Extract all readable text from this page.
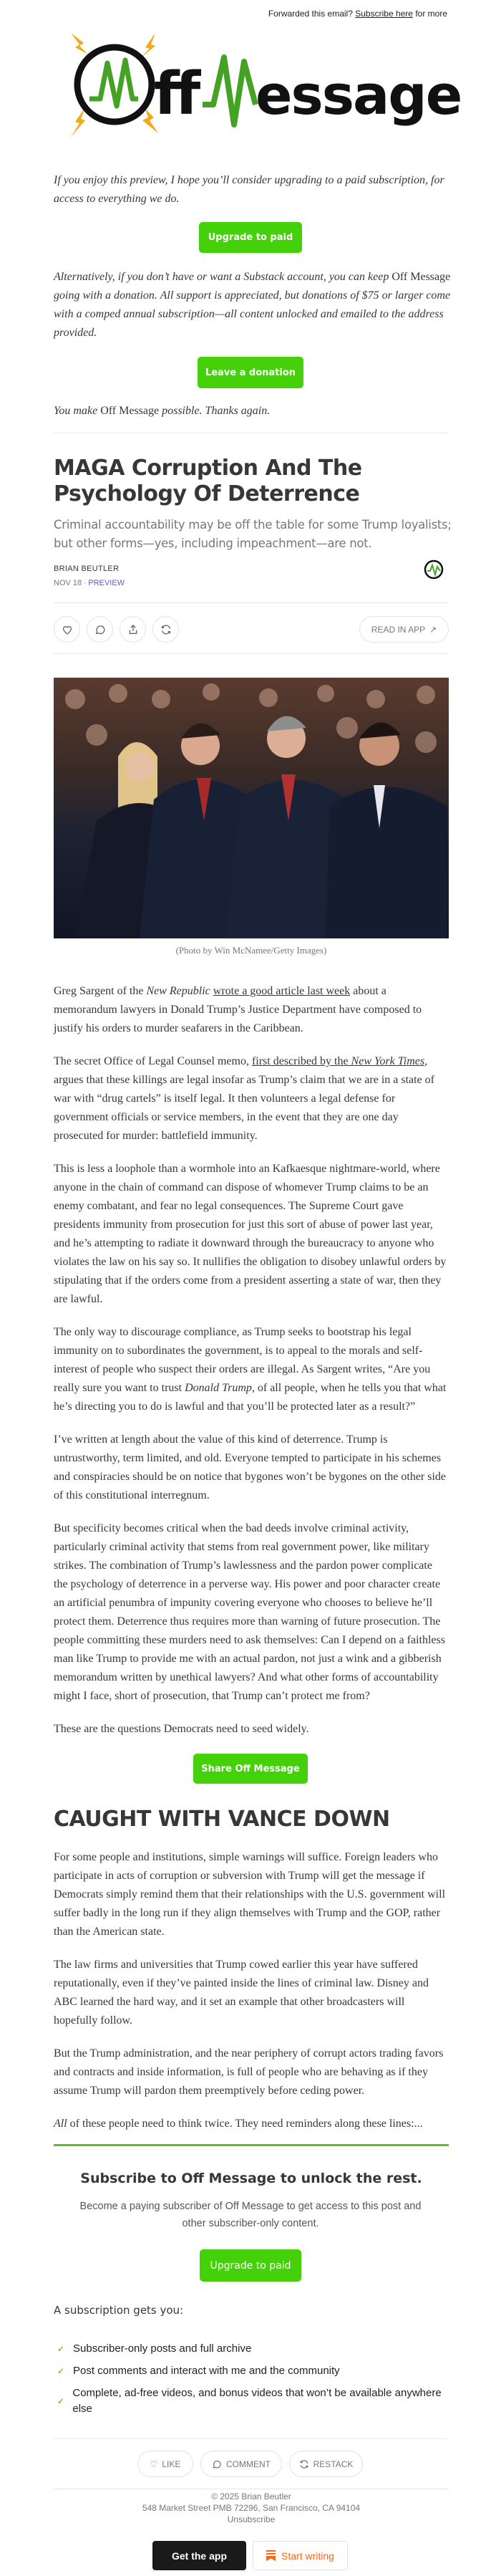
Forwarded this email? Subscribe here for more
ff essage
If you enjoy this preview, I hope you’ll consider upgrading to a paid subscription, for access to everything we do.
Upgrade to paid
Alternatively, if you don’t have or want a Substack account, you can keep Off Message going with a donation. All support is appreciated, but donations of $75 or larger come with a comped annual subscription—all content unlocked and emailed to the address provided.
Leave a donation
You make Off Message possible. Thanks again.
MAGA Corruption And The Psychology Of Deterrence
Criminal accountability may be off the table for some Trump loyalists; but other forms—yes, including impeachment—are not.
BRIAN BEUTLER
NOV 18 ∙ PREVIEW
READ IN APP ↗
(Photo by Win McNamee/Getty Images)

Greg Sargent of the New Republic wrote a good article last week about a memorandum lawyers in Donald Trump’s Justice Department have composed to justify his orders to murder seafarers in the Caribbean.

The secret Office of Legal Counsel memo, first described by the New York Times, argues that these killings are legal insofar as Trump’s claim that we are in a state of war with “drug cartels” is itself legal. It then volunteers a legal defense for government officials or service members, in the event that they are one day prosecuted for murder: battlefield immunity.

This is less a loophole than a wormhole into an Kafkaesque nightmare-world, where anyone in the chain of command can dispose of whomever Trump claims to be an enemy combatant, and fear no legal consequences. The Supreme Court gave presidents immunity from prosecution for just this sort of abuse of power last year, and he’s attempting to radiate it downward through the bureaucracy to anyone who violates the law on his say so. It nullifies the obligation to disobey unlawful orders by stipulating that if the orders come from a president asserting a state of war, then they are lawful.

The only way to discourage compliance, as Trump seeks to bootstrap his legal immunity on to subordinates the government, is to appeal to the morals and self-interest of people who suspect their orders are illegal. As Sargent writes, “Are you really sure you want to trust Donald Trump, of all people, when he tells you that what he’s directing you to do is lawful and that you’ll be protected later as a result?”

I’ve written at length about the value of this kind of deterrence. Trump is untrustworthy, term limited, and old. Everyone tempted to participate in his schemes and conspiracies should be on notice that bygones won’t be bygones on the other side of this constitutional interregnum.

But specificity becomes critical when the bad deeds involve criminal activity, particularly criminal activity that stems from real government power, like military strikes. The combination of Trump’s lawlessness and the pardon power complicate the psychology of deterrence in a perverse way. His power and poor character create an artificial penumbra of impunity covering everyone who chooses to believe he’ll protect them. Deterrence thus requires more than warning of future prosecution. The people committing these murders need to ask themselves: Can I depend on a faithless man like Trump to provide me with an actual pardon, not just a wink and a gibberish memorandum written by unethical lawyers? And what other forms of accountability might I face, short of prosecution, that Trump can’t protect me from?

These are the questions Democrats need to seed widely.

Share Off Message
CAUGHT WITH VANCE DOWN

For some people and institutions, simple warnings will suffice. Foreign leaders who participate in acts of corruption or subversion with Trump will get the message if Democrats simply remind them that their relationships with the U.S. government will suffer badly in the long run if they align themselves with Trump and the GOP, rather than the American state.

The law firms and universities that Trump cowed earlier this year have suffered reputationally, even if they’ve painted inside the lines of criminal law. Disney and ABC learned the hard way, and it set an example that other broadcasters will hopefully follow.

But the Trump administration, and the near periphery of corrupt actors trading favors and contracts and inside information, is full of people who are behaving as if they assume Trump will pardon them preemptively before ceding power.

All of these people need to think twice. They need reminders along these lines:...

Subscribe to Off Message to unlock the rest.
Become a paying subscriber of Off Message to get access to this post and other subscriber-only content.
Upgrade to paid
A subscription gets you:
✓ Subscriber-only posts and full archive
✓ Post comments and interact with me and the community
✓
Complete, ad-free videos, and bonus videos that won’t be available anywhere else
♡ LIKE	COMMENT	RESTACK
© 2025 Brian Beutler
548 Market Street PMB 72296, San Francisco, CA 94104
Unsubscribe
Get the app	Start writing
